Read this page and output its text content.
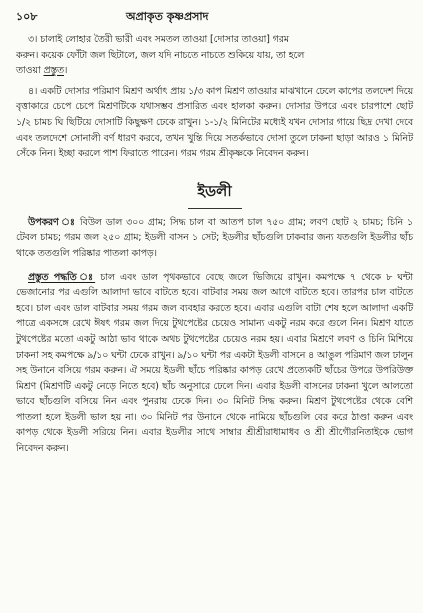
১০৮	অপ্রাকৃত কৃষ্ণপ্রসাদ

৩। চালাই লোহার তৈরী ভারী এবং সমতল তাওয়া [দোসার তাওয়া] গরম

করুন। কয়েক ফোঁটা জল ছিটালে, জল যদি নাচতে নাচতে শুকিয়ে যায়, তা হলে

তাওয়া প্রস্তুত।

৪। একটি দোসার পরিমাণ মিশ্রণ অর্থাৎ প্রায় ১/৩ কাপ মিশ্রণ তাওয়ার মাঝখানে ঢেলে কাপের তলদেশ দিয়ে বৃত্তাকারে চেপে চেপে মিশ্রণটিকে যথাসম্ভব প্রসারিত এবং হালকা করুন। দোসার উপরে এবং চারপাশে ছোট ১/২ চামচ ঘি ছিটিয়ে দোসাটি কিছুক্ষণ ঢেকে রাখুন। ১-১/২ মিনিটের মধ্যেই যখন দোসার গায়ে ছিদ্র দেখা দেবে এবং তলদেশে সোনালী বর্ণ ধারণ করবে, তখন খুন্তি দিয়ে সতর্কভাবে দোসা তুলে ঢাকনা ছাড়া আরও ১ মিনিট সেঁকে নিন। ইচ্ছা করলে পাশ ফিরাতে পারেন। গরম গরম শ্রীকৃষ্ণকে নিবেদন করুন।

ইডলী

উপকরণ ঃ বিউল ডাল ৩০০ গ্রাম; সিদ্ধ চাল বা আতপ চাল ৭৫০ গ্রাম; লবণ ছোট ২ চামচ; চিনি ১ টেবল চামচ; গরম জল ২৫০ গ্রাম; ইডলী বাসন ১ সেট; ইডলীর ছাঁচগুলি ঢাকবার জন্য যতগুলি ইডলীর ছাঁচ থাকে ততগুলি পরিষ্কার পাতলা কাপড়।

প্রস্তুত পদ্ধতি ঃ চাল এবং ডাল পৃথকভাবে বেছে জলে ভিজিয়ে রাখুন। কমপক্ষে ৭ থেকে ৮ ঘন্টা ভেজানোর পর এগুলি আলাদা ভাবে বাটতে হবে। বাটবার সময় জল আগে বাটতে হবে। তারপর চাল বাটতে হবে। চাল এবং ডাল বাটবার সময় গরম জল ব্যবহার করতে হবে। এবার এগুলি বাটা শেষ হলে আলাদা একটি পাত্রে একসঙ্গে রেখে ঈষৎ গরম জল দিয়ে টুথপেষ্টের চেয়েও সামান্য একটু নরম করে গুলে নিন। মিশ্রণ যাতে টুথপেষ্টের মতো একটু আঠা ভাব থাকে অথচ টুথপেষ্টের চেয়েও নরম হয়। এবার মিশ্রণে লবণ ও চিনি মিশিয়ে ঢাকনা সহ কমপক্ষে ৯/১০ ঘন্টা ঢেকে রাখুন। ৯/১০ ঘন্টা পর একটা ইডলী বাসনে ৪ আঙুল পরিমাণ জল ঢালুন সহ উনানে বসিয়ে গরম করুন। ঐ সময়ে ইডলী ছাঁচে পরিষ্কার কাপড় রেখে প্রত্যেকটি ছাঁচের উপরে উপরিউক্ত মিশ্রণ (মিশ্রণটি একটু নেড়ে নিতে হবে) ছাঁচ অনুসারে ঢেলে দিন। এবার ইডলী বাসনের ঢাকনা খুলে আলতো ভাবে ছাঁচগুলি বসিয়ে নিন এবং পুনরায় ঢেকে দিন। ৩০ মিনিট সিদ্ধ করুন। মিশ্রণ টুথপেষ্টের থেকে বেশি পাতলা হলে ইডলী ভাল হয় না। ৩০ মিনিট পর উনানে থেকে নামিয়ে ছাঁচগুলি বের করে ঠাণ্ডা করুন এবং কাপড় থেকে ইডলী সরিয়ে নিন। এবার ইডলীর সাথে সাম্বার শ্রীশ্রীরাধামাধব ও শ্রী শ্রীগৌরনিতাইকে ভোগ নিবেদন করুন।
